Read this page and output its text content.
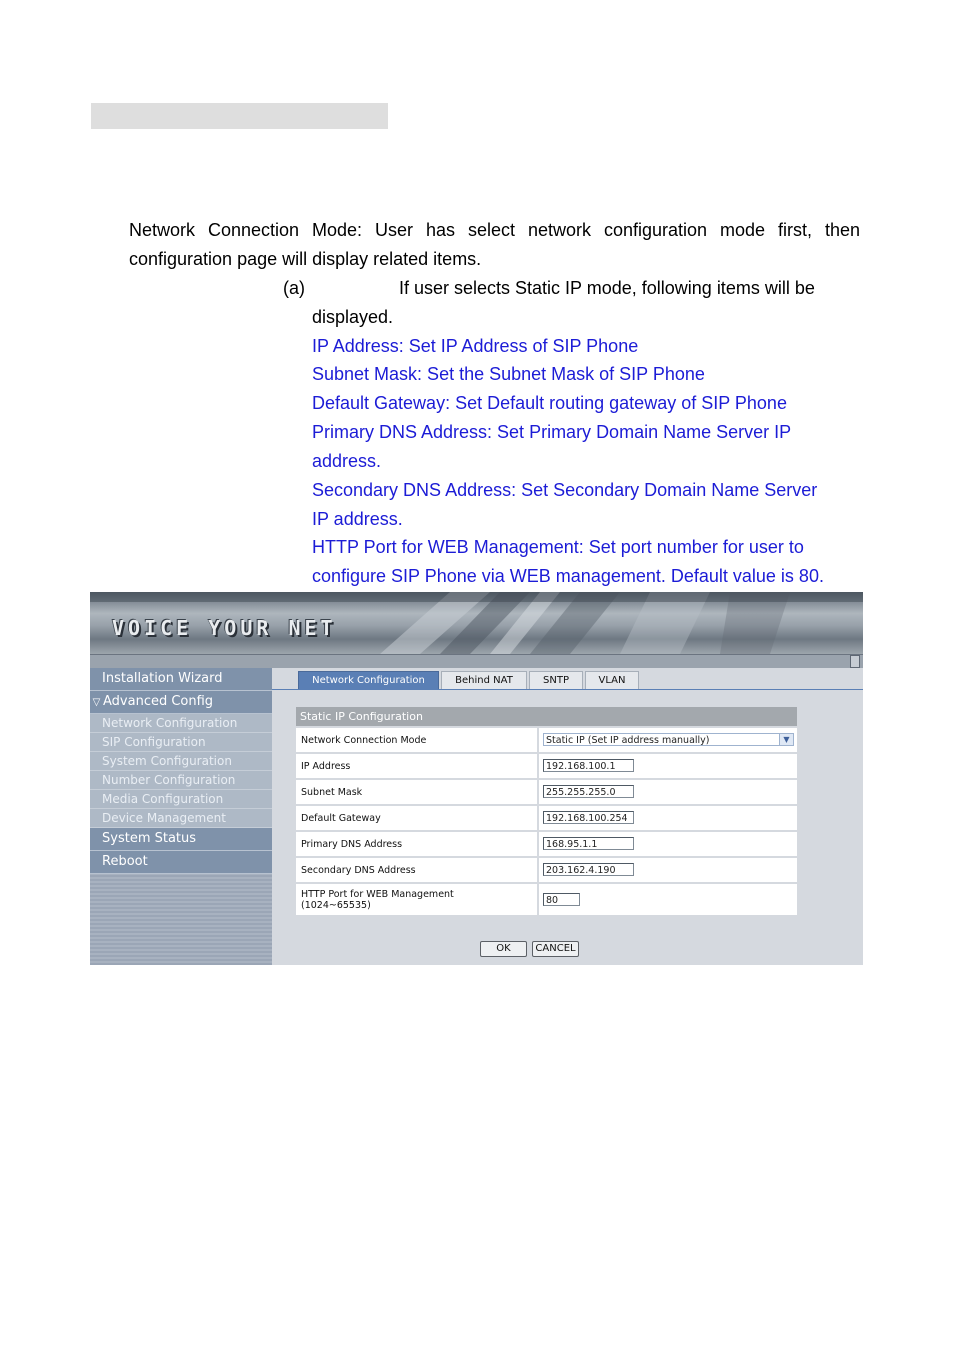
Network Connection Mode: User has select network configuration mode first, then configuration page will display related items.
(a)	If user selects Static IP mode, following items will be
displayed.
IP Address: Set IP Address of SIP Phone
Subnet Mask: Set the Subnet Mask of SIP Phone
Default Gateway: Set Default routing gateway of SIP Phone
Primary DNS Address: Set Primary Domain Name Server IP
address.
Secondary DNS Address: Set Secondary Domain Name Server
IP address.
HTTP Port for WEB Management: Set port number for user to
configure SIP Phone via WEB management. Default value is 80.
VOICE YOUR NET
Installation Wizard
▽ Advanced Config
Network Configuration
SIP Configuration
System Configuration
Number Configuration
Media Configuration
Device Management
System Status
Reboot
Network Configuration	Behind NAT	SNTP	VLAN
Static IP Configuration
Network Connection Mode	Static IP (Set IP address manually)	▼
IP Address	192.168.100.1
Subnet Mask	255.255.255.0
Default Gateway	192.168.100.254
Primary DNS Address	168.95.1.1
Secondary DNS Address	203.162.4.190
HTTP Port for WEB Management
(1024~65535)	80
OK	CANCEL
